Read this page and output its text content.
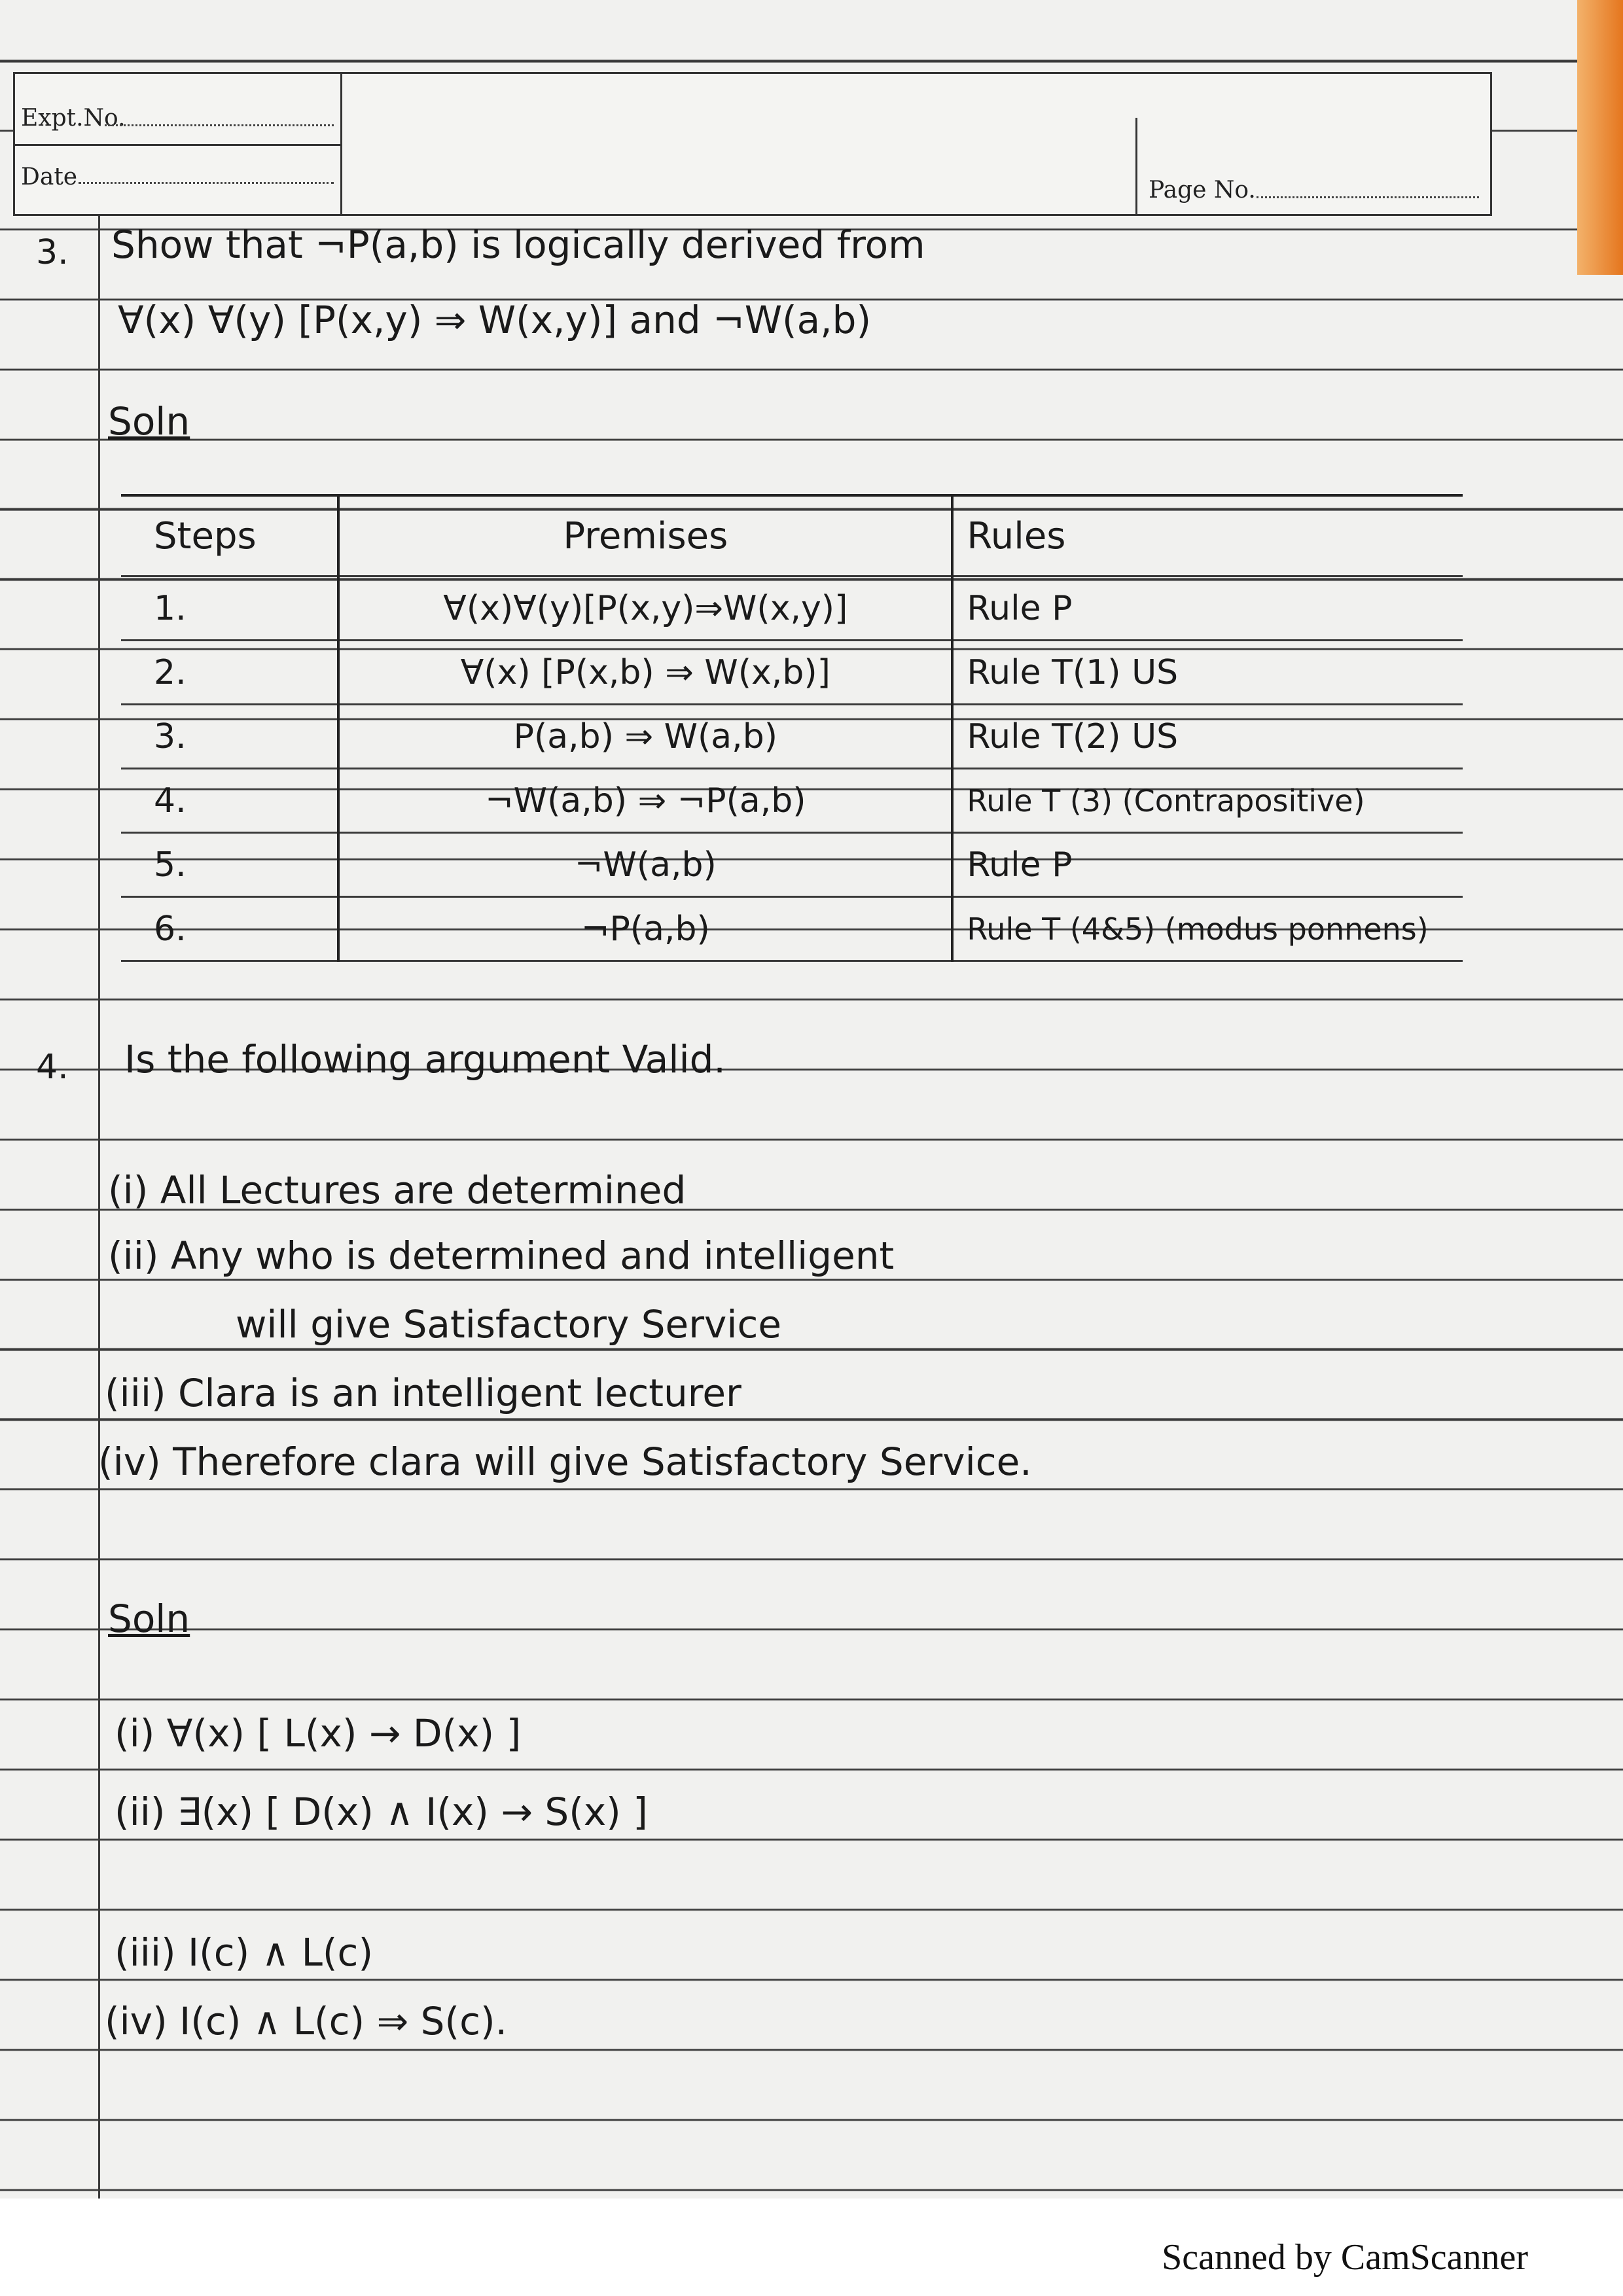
Expt.No.
Date	Page No.
3. Show that ¬P(a,b) is logically derived from
∀(x) ∀(y) [P(x,y) ⇒ W(x,y)] and ¬W(a,b)
Soln
Steps	Premises	Rules
1.	∀(x)∀(y)[P(x,y)⇒W(x,y)]	Rule P
2.	∀(x) [P(x,b) ⇒ W(x,b)]	Rule T(1) US
3.	P(a,b) ⇒ W(a,b)	Rule T(2) US
4.	¬W(a,b) ⇒ ¬P(a,b)	Rule T (3) (Contrapositive)
5.	¬W(a,b)	Rule P
6.	¬P(a,b)	Rule T (4&5) (modus ponnens)
4. Is the following argument Valid.
(i) All Lectures are determined
(ii) Any who is determined and intelligent
will give Satisfactory Service
(iii) Clara is an intelligent lecturer
(iv) Therefore clara will give Satisfactory Service.
Soln
(i) ∀(x) [ L(x) → D(x) ]
(ii) ∃(x) [ D(x) ∧ I(x) → S(x) ]
(iii) I(c) ∧ L(c)
(iv) I(c) ∧ L(c) ⇒ S(c).
Scanned by CamScanner
